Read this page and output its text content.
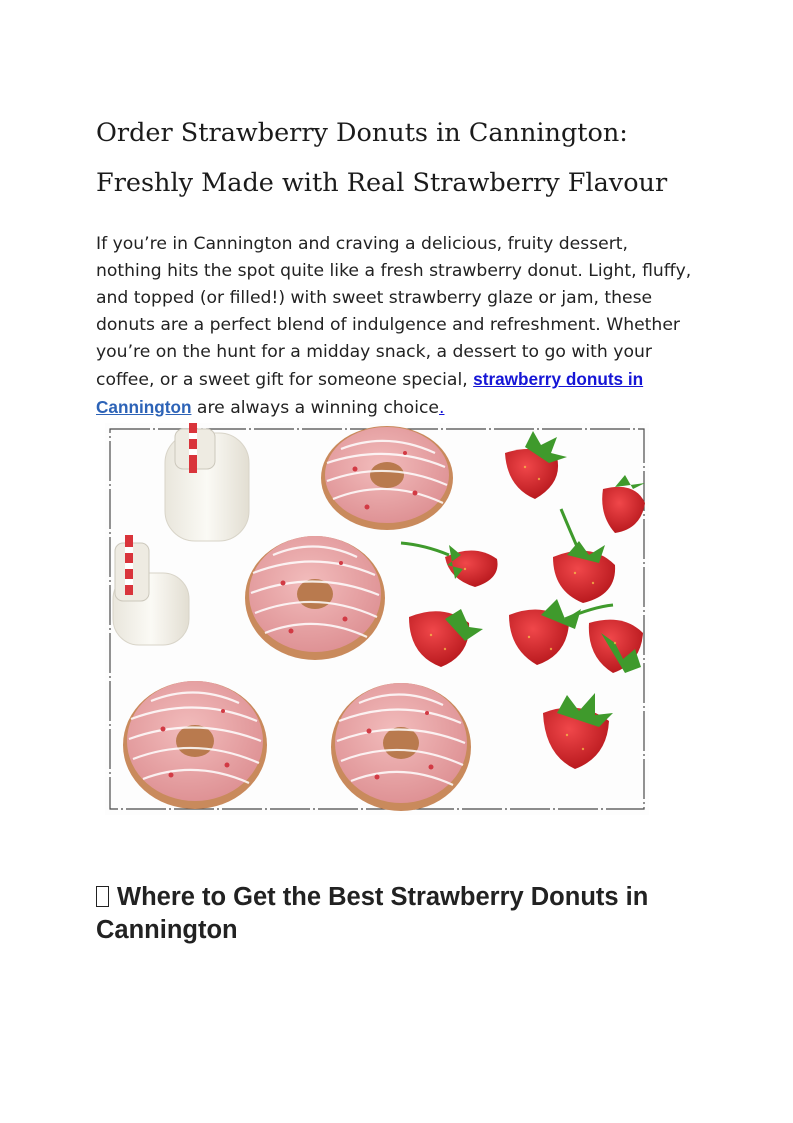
Order Strawberry Donuts in Cannington: Freshly Made with Real Strawberry Flavour

If you’re in Cannington and craving a delicious, fruity dessert, nothing hits the spot quite like a fresh strawberry donut. Light, fluffy, and topped (or filled!) with sweet strawberry glaze or jam, these donuts are a perfect blend of indulgence and refreshment. Whether you’re on the hunt for a midday snack, a dessert to go with your coffee, or a sweet gift for someone special, strawberry donuts in Cannington are always a winning choice.

Where to Get the Best Strawberry Donuts in Cannington
